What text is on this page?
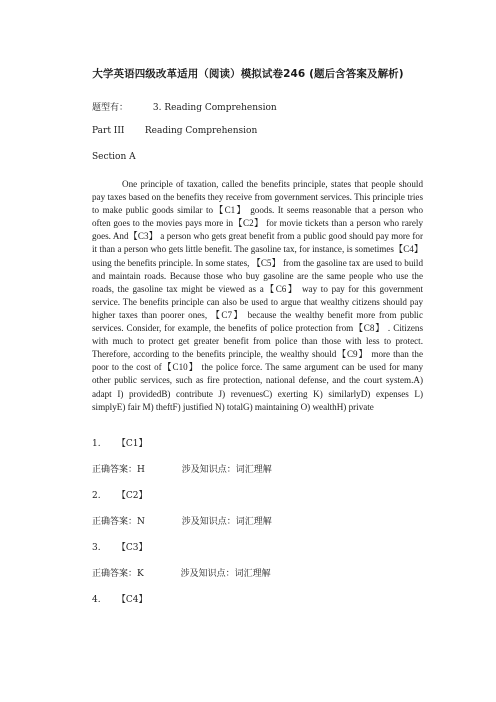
大学英语四级改革适用（阅读）模拟试卷246 (题后含答案及解析)
题型有：	3. Reading Comprehension
Part III Reading Comprehension
Section A
One principle of taxation, called the benefits principle, states that people should pay taxes based on the benefits they receive from government services. This principle tries to make public goods similar to【C1】 goods. It seems reasonable that a person who often goes to the movies pays more in【C2】 for movie tickets than a person who rarely goes. And【C3】 a person who gets great benefit from a public good should pay more for it than a person who gets little benefit. The gasoline tax, for instance, is sometimes【C4】 using the benefits principle. In some states, 【C5】 from the gasoline tax are used to build and maintain roads. Because those who buy gasoline are the same people who use the roads, the gasoline tax might be viewed as a【C6】 way to pay for this government service. The benefits principle can also be used to argue that wealthy citizens should pay higher taxes than poorer ones, 【C7】 because the wealthy benefit more from public services. Consider, for example, the benefits of police protection from【C8】 . Citizens with much to protect get greater benefit from police than those with less to protect. Therefore, according to the benefits principle, the wealthy should【C9】 more than the poor to the cost of【C10】 the police force. The same argument can be used for many other public services, such as fire protection, national defense, and the court system.A) adapt I) providedB) contribute J) revenuesC) exerting K) similarlyD) expenses L) simplyE) fair M) theftF) justified N) totalG) maintaining O) wealthH) private
1. 【C1】
正确答案：H	涉及知识点：词汇理解
2. 【C2】
正确答案：N	涉及知识点：词汇理解
3. 【C3】
正确答案：K	涉及知识点：词汇理解
4. 【C4】
